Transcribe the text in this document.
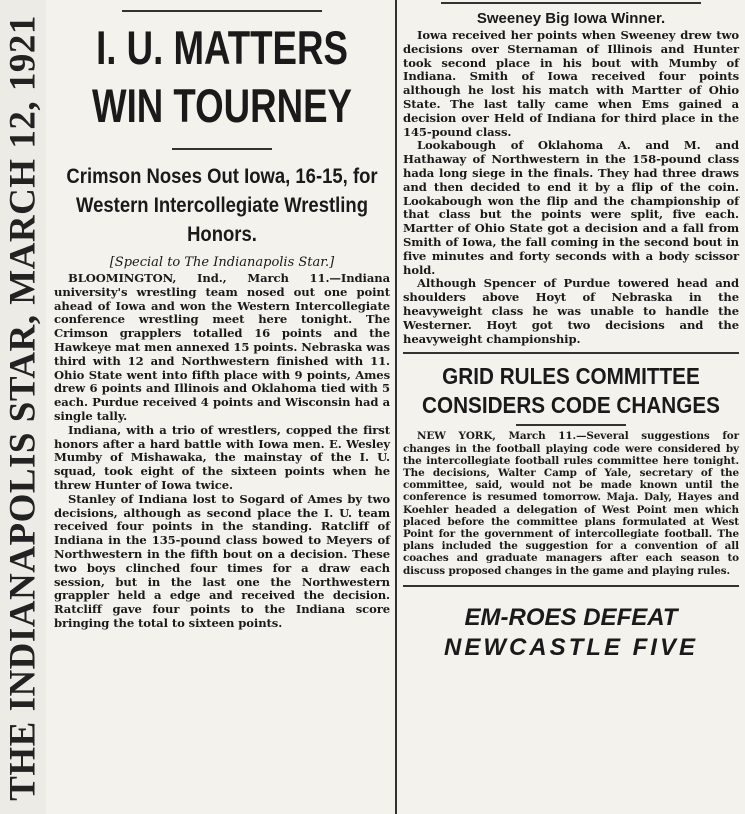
THE INDIANAPOLIS STAR, MARCH 12, 1921	I. U. MATTERS
WIN TOURNEY
Crimson Noses Out Iowa, 16-15, for Western Intercollegiate Wrestling Honors.
[Special to The Indianapolis Star.]

BLOOMINGTON, Ind., March 11.—Indiana university's wrestling team nosed out one point ahead of Iowa and won the Western Intercollegiate conference wrestling meet here tonight. The Crimson grapplers totalled 16 points and the Hawkeye mat men annexed 15 points. Nebraska was third with 12 and Northwestern finished with 11. Ohio State went into fifth place with 9 points, Ames drew 6 points and Illinois and Oklahoma tied with 5 each. Purdue received 4 points and Wisconsin had a single tally.

Indiana, with a trio of wrestlers, copped the first honors after a hard battle with Iowa men. E. Wesley Mumby of Mishawaka, the mainstay of the I. U. squad, took eight of the sixteen points when he threw Hunter of Iowa twice.

Stanley of Indiana lost to Sogard of Ames by two decisions, although as second place the I. U. team received four points in the standing. Ratcliff of Indiana in the 135-pound class bowed to Meyers of Northwestern in the fifth bout on a decision. These two boys clinched four times for a draw each session, but in the last one the Northwestern grappler held a edge and received the decision. Ratcliff gave four points to the Indiana score bringing the total to sixteen points.

Sweeney Big Iowa Winner.

Iowa received her points when Sweeney drew two decisions over Sternaman of Illinois and Hunter took second place in his bout with Mumby of Indiana. Smith of Iowa received four points although he lost his match with Martter of Ohio State. The last tally came when Ems gained a decision over Held of Indiana for third place in the 145-pound class.

Lookabough of Oklahoma A. and M. and Hathaway of Northwestern in the 158-pound class hada long siege in the finals. They had three draws and then decided to end it by a flip of the coin. Lookabough won the flip and the championship of that class but the points were split, five each. Martter of Ohio State got a decision and a fall from Smith of Iowa, the fall coming in the second bout in five minutes and forty seconds with a body scissor hold.

Although Spencer of Purdue towered head and shoulders above Hoyt of Nebraska in the heavyweight class he was unable to handle the Westerner. Hoyt got two decisions and the heavyweight championship.

GRID RULES COMMITTEE
CONSIDERS CODE CHANGES

NEW YORK, March 11.—Several suggestions for changes in the football playing code were considered by the intercollegiate football rules committee here tonight. The decisions, Walter Camp of Yale, secretary of the committee, said, would not be made known until the conference is resumed tomorrow. Maja. Daly, Hayes and Koehler headed a delegation of West Point men which placed before the committee plans formulated at West Point for the government of intercollegiate football. The plans included the suggestion for a convention of all coaches and graduate managers after each season to discuss proposed changes in the game and playing rules.

EM-ROES DEFEAT
NEWCASTLE FIVE
